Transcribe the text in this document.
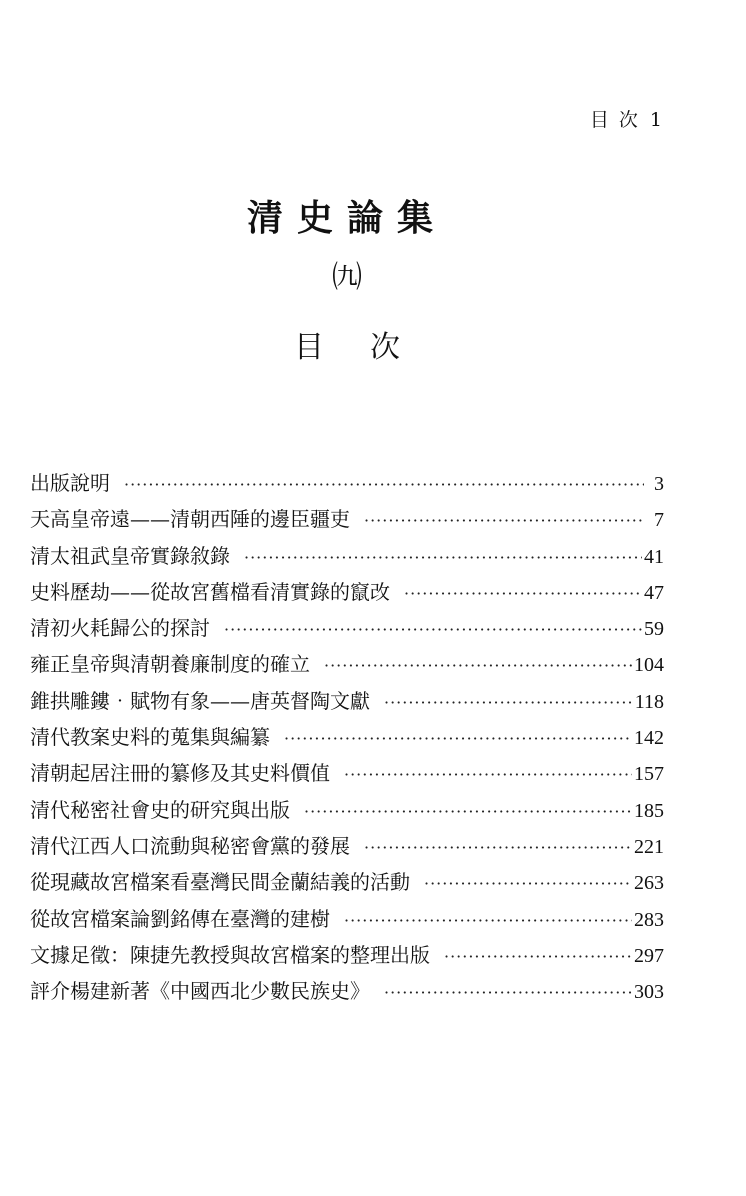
目 次 1
清史論集
㈨
目次
出版說明 ·····	3
天高皇帝遠——清朝西陲的邊臣疆吏 ·····	7
清太祖武皇帝實錄敘錄 ·····	41
史料歷劫——從故宮舊檔看清實錄的竄改 ·····	47
清初火耗歸公的探討 ·····	59
雍正皇帝與清朝養廉制度的確立 ·····	104
錐拱雕鏤‧賦物有象——唐英督陶文獻 ·····	118
清代教案史料的蒐集與編纂 ·····	142
清朝起居注冊的纂修及其史料價值 ·····	157
清代秘密社會史的研究與出版 ·····	185
清代江西人口流動與秘密會黨的發展 ·····	221
從現藏故宮檔案看臺灣民間金蘭結義的活動 ·····	263
從故宮檔案論劉銘傳在臺灣的建樹 ·····	283
文據足徵：陳捷先教授與故宮檔案的整理出版 ·····	297
評介楊建新著《中國西北少數民族史》 ·····	303
